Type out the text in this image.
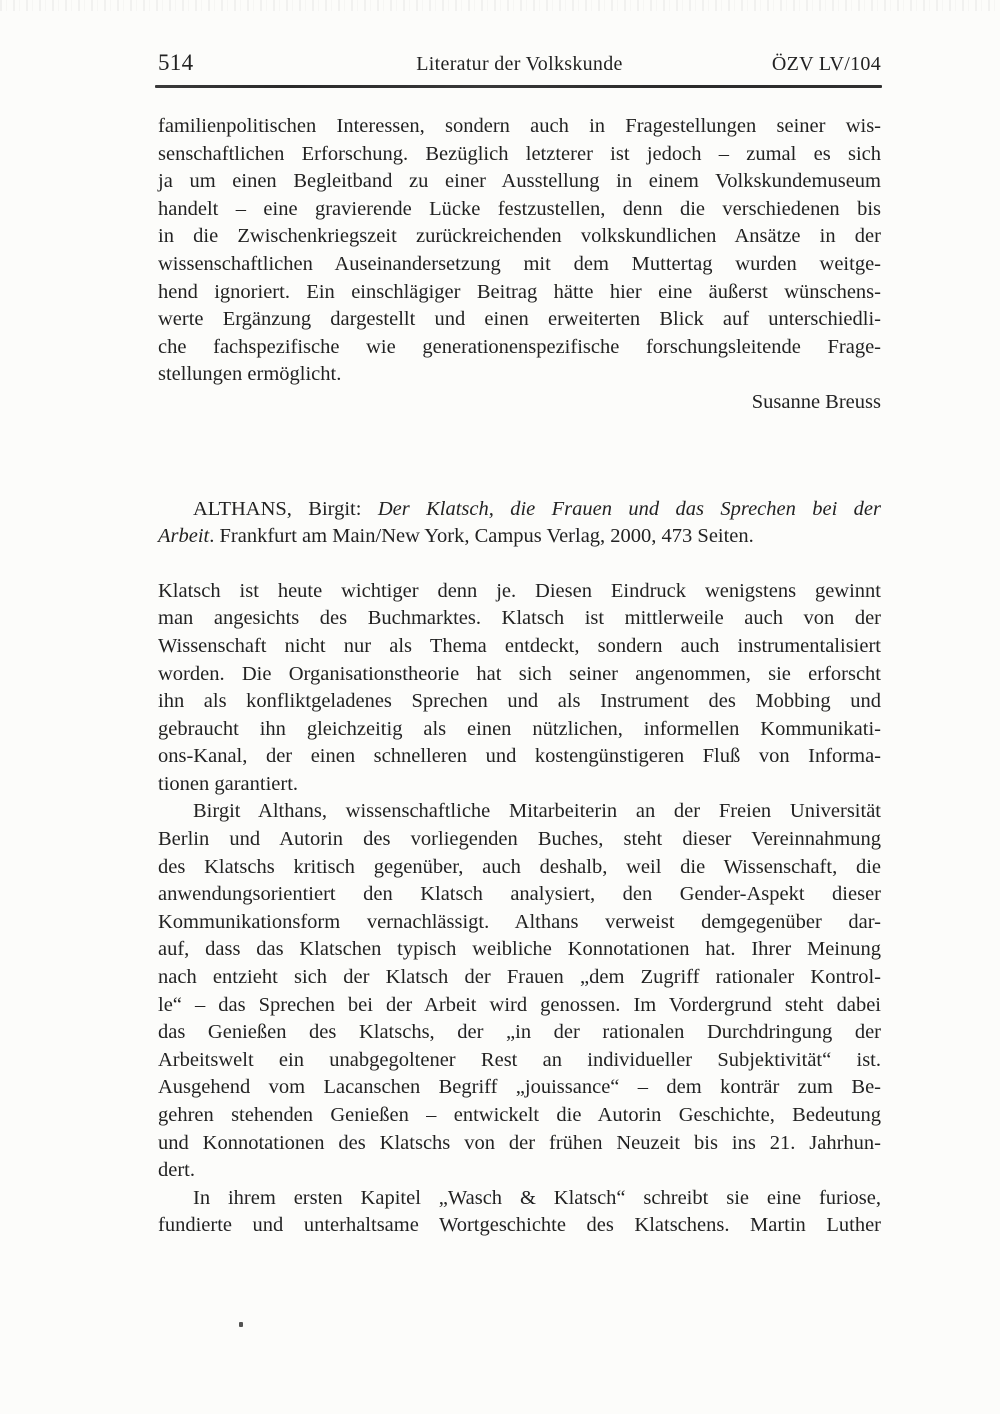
514	Literatur der Volkskunde	ÖZV LV/104
familienpolitischen Interessen, sondern auch in Fragestellungen seiner wis-
senschaftlichen Erforschung. Bezüglich letzterer ist jedoch – zumal es sich
ja um einen Begleitband zu einer Ausstellung in einem Volkskundemuseum
handelt – eine gravierende Lücke festzustellen, denn die verschiedenen bis
in die Zwischenkriegszeit zurückreichenden volkskundlichen Ansätze in der
wissenschaftlichen Auseinandersetzung mit dem Muttertag wurden weitge-
hend ignoriert. Ein einschlägiger Beitrag hätte hier eine äußerst wünschens-
werte Ergänzung dargestellt und einen erweiterten Blick auf unterschiedli-
che fachspezifische wie generationenspezifische forschungsleitende Frage-
stellungen ermöglicht.
Susanne Breuss
ALTHANS, Birgit: Der Klatsch, die Frauen und das Sprechen bei der
Arbeit. Frankfurt am Main/New York, Campus Verlag, 2000, 473 Seiten.
Klatsch ist heute wichtiger denn je. Diesen Eindruck wenigstens gewinnt
man angesichts des Buchmarktes. Klatsch ist mittlerweile auch von der
Wissenschaft nicht nur als Thema entdeckt, sondern auch instrumentalisiert
worden. Die Organisationstheorie hat sich seiner angenommen, sie erforscht
ihn als konfliktgeladenes Sprechen und als Instrument des Mobbing und
gebraucht ihn gleichzeitig als einen nützlichen, informellen Kommunikati-
ons-Kanal, der einen schnelleren und kostengünstigeren Fluß von Informa-
tionen garantiert.
Birgit Althans, wissenschaftliche Mitarbeiterin an der Freien Universität
Berlin und Autorin des vorliegenden Buches, steht dieser Vereinnahmung
des Klatschs kritisch gegenüber, auch deshalb, weil die Wissenschaft, die
anwendungsorientiert den Klatsch analysiert, den Gender-Aspekt dieser
Kommunikationsform vernachlässigt. Althans verweist demgegenüber dar-
auf, dass das Klatschen typisch weibliche Konnotationen hat. Ihrer Meinung
nach entzieht sich der Klatsch der Frauen „dem Zugriff rationaler Kontrol-
le“ – das Sprechen bei der Arbeit wird genossen. Im Vordergrund steht dabei
das Genießen des Klatschs, der „in der rationalen Durchdringung der
Arbeitswelt ein unabgegoltener Rest an individueller Subjektivität“ ist.
Ausgehend vom Lacanschen Begriff „jouissance“ – dem konträr zum Be-
gehren stehenden Genießen – entwickelt die Autorin Geschichte, Bedeutung
und Konnotationen des Klatschs von der frühen Neuzeit bis ins 21. Jahrhun-
dert.
In ihrem ersten Kapitel „Wasch & Klatsch“ schreibt sie eine furiose,
fundierte und unterhaltsame Wortgeschichte des Klatschens. Martin Luther
